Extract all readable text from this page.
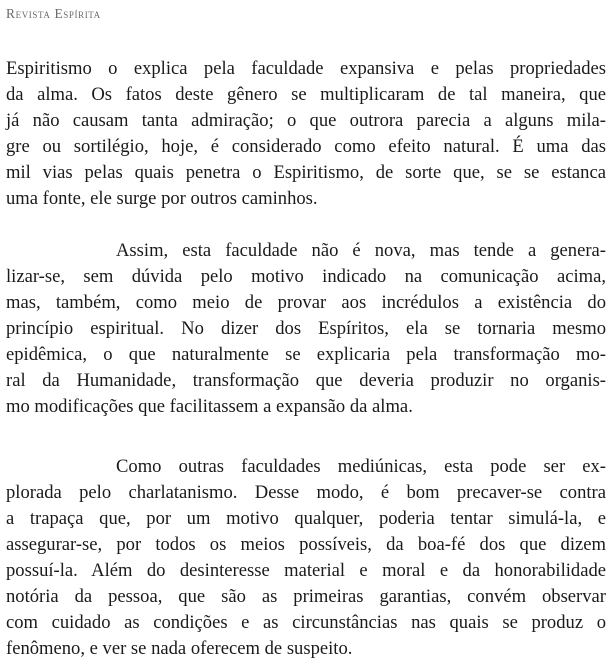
Revista Espírita
Espiritismo o explica pela faculdade expansiva e pelas propriedades
da alma. Os fatos deste gênero se multiplicaram de tal maneira, que
já não causam tanta admiração; o que outrora parecia a alguns mila-
gre ou sortilégio, hoje, é considerado como efeito natural. É uma das
mil vias pelas quais penetra o Espiritismo, de sorte que, se se estanca
uma fonte, ele surge por outros caminhos.
Assim, esta faculdade não é nova, mas tende a genera-
lizar-se, sem dúvida pelo motivo indicado na comunicação acima,
mas, também, como meio de provar aos incrédulos a existência do
princípio espiritual. No dizer dos Espíritos, ela se tornaria mesmo
epidêmica, o que naturalmente se explicaria pela transformação mo-
ral da Humanidade, transformação que deveria produzir no organis-
mo modificações que facilitassem a expansão da alma.
Como outras faculdades mediúnicas, esta pode ser ex-
plorada pelo charlatanismo. Desse modo, é bom precaver-se contra
a trapaça que, por um motivo qualquer, poderia tentar simulá-la, e
assegurar-se, por todos os meios possíveis, da boa-fé dos que dizem
possuí-la. Além do desinteresse material e moral e da honorabilidade
notória da pessoa, que são as primeiras garantias, convém observar
com cuidado as condições e as circunstâncias nas quais se produz o
fenômeno, e ver se nada oferecem de suspeito.
